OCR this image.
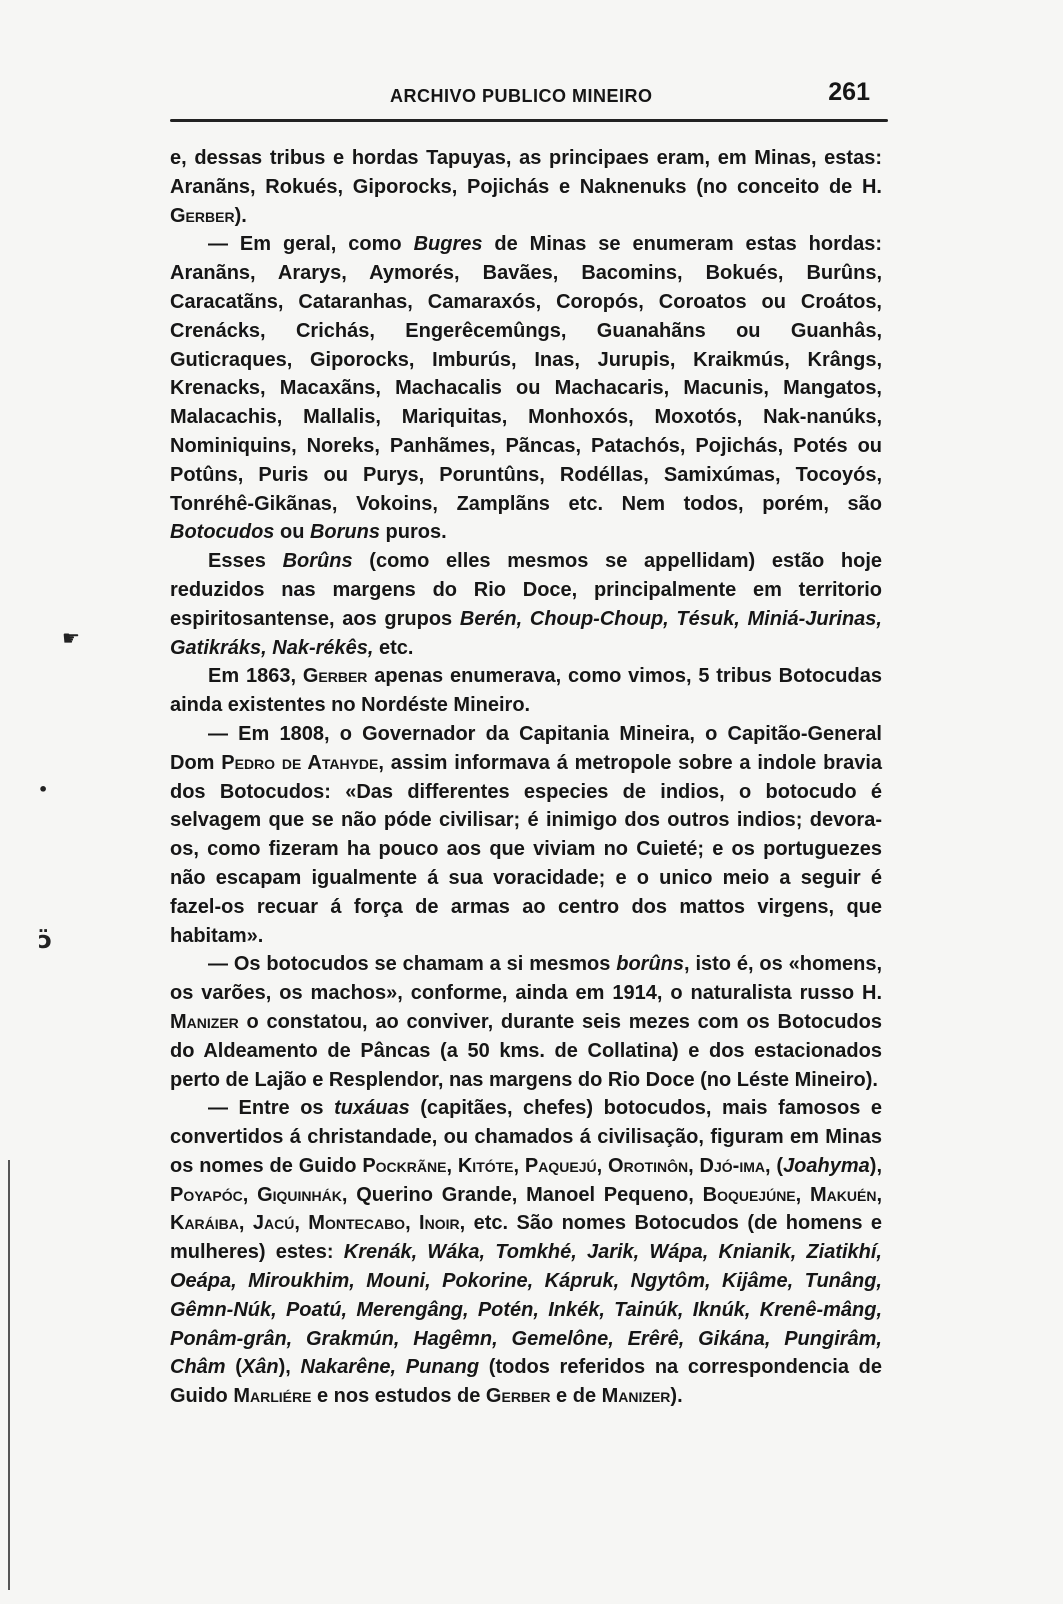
ARCHIVO PUBLICO MINEIRO	261
☛
•
ɔ̈

e, dessas tribus e hordas Tapuyas, as principaes eram, em Minas, estas: Aranãns, Rokués, Giporocks, Pojichás e Naknenuks (no conceito de H. Gerber).

— Em geral, como Bugres de Minas se enumeram estas hordas: Aranãns, Ararys, Aymorés, Bavães, Bacomins, Bokués, Burûns, Caracatãns, Cataranhas, Camaraxós, Coropós, Coroatos ou Croátos, Crenácks, Crichás, Engerêcemûngs, Guanahãns ou Guanhâs, Guticraques, Giporocks, Imburús, Inas, Jurupis, Kraikmús, Krângs, Krenacks, Macaxãns, Machacalis ou Machacaris, Macunis, Mangatos, Malacachis, Mallalis, Mariquitas, Monhoxós, Moxotós, Nak-nanúks, Nominiquins, Noreks, Panhãmes, Pãncas, Patachós, Pojichás, Potés ou Potûns, Puris ou Purys, Poruntûns, Rodéllas, Samixúmas, Tocoyós, Tonréhê-Gikãnas, Vokoins, Zamplãns etc. Nem todos, porém, são Botocudos ou Boruns puros.

Esses Borûns (como elles mesmos se appellidam) estão hoje reduzidos nas margens do Rio Doce, principalmente em territorio espiritosantense, aos grupos Berén, Choup-Choup, Tésuk, Miniá-Jurinas, Gatikráks, Nak-rékês, etc.

Em 1863, Gerber apenas enumerava, como vimos, 5 tribus Botocudas ainda existentes no Nordéste Mineiro.

— Em 1808, o Governador da Capitania Mineira, o Capitão-General Dom Pedro de Atahyde, assim informava á metropole sobre a indole bravia dos Botocudos: «Das differentes especies de indios, o botocudo é selvagem que se não póde civilisar; é inimigo dos outros indios; devora-os, como fizeram ha pouco aos que viviam no Cuieté; e os portuguezes não escapam igualmente á sua voracidade; e o unico meio a seguir é fazel-os recuar á força de armas ao centro dos mattos virgens, que habitam».

— Os botocudos se chamam a si mesmos borûns, isto é, os «homens, os varões, os machos», conforme, ainda em 1914, o naturalista russo H. Manizer o constatou, ao conviver, durante seis mezes com os Botocudos do Aldeamento de Pâncas (a 50 kms. de Collatina) e dos estacionados perto de Lajão e Resplendor, nas margens do Rio Doce (no Léste Mineiro).

— Entre os tuxáuas (capitães, chefes) botocudos, mais famosos e convertidos á christandade, ou chamados á civilisação, figuram em Minas os nomes de Guido Pockrãne, Kitóte, Paquejú, Orotinôn, Djó-ima, (Joahyma), Poyapóc, Giquinhák, Querino Grande, Manoel Pequeno, Boquejúne, Makuén, Karáiba, Jacú, Montecabo, Inoir, etc. São nomes Botocudos (de homens e mulheres) estes: Krenák, Wáka, Tomkhé, Jarik, Wápa, Knianik, Ziatikhí, Oeápa, Miroukhim, Mouni, Pokorine, Kápruk, Ngytôm, Kijâme, Tunâng, Gêmn-Núk, Poatú, Merengâng, Potén, Inkék, Tainúk, Iknúk, Krenê-mâng, Ponâm-grân, Grakmún, Hagêmn, Gemelône, Erêrê, Gikána, Pungirâm, Châm (Xân), Nakarêne, Punang (todos referidos na correspondencia de Guido Marliére e nos estudos de Gerber e de Manizer).
